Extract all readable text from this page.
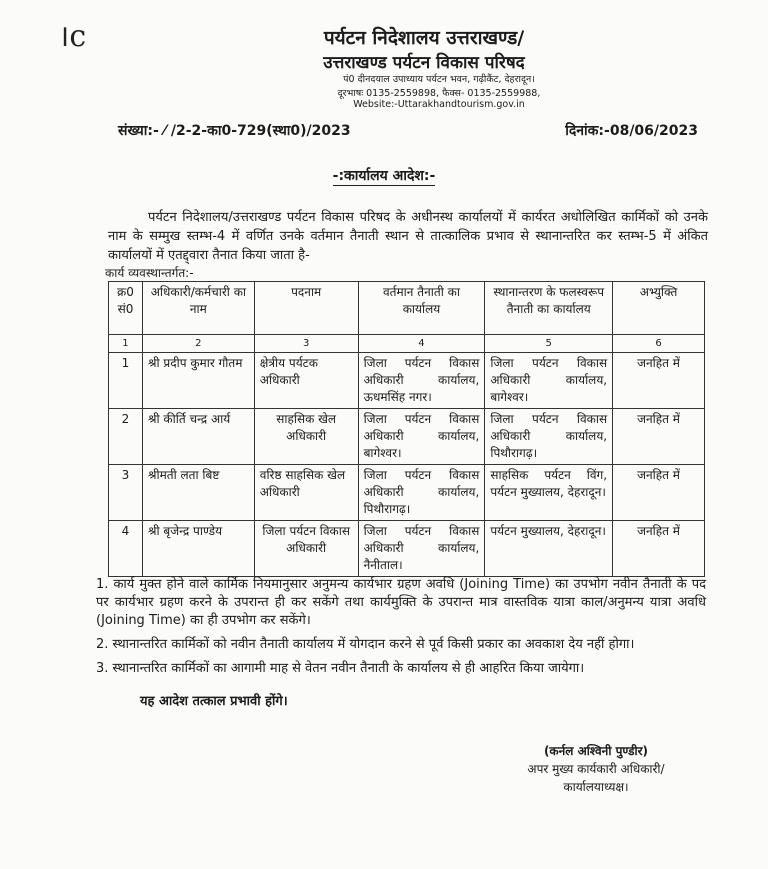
।c	पर्यटन निदेशालय उत्तराखण्ड/
उत्तराखण्ड पर्यटन विकास परिषद
पं0 दीनदयाल उपाध्याय पर्यटन भवन, गढ़ीकैंट, देहरादून।
दूरभाषः 0135-2559898, फैक्स- 0135-2559988,
Website:-Uttarakhandtourism.gov.in
संख्या:- ⁄ /2-2-का0-729(स्था0)/2023	दिनांक:-08/06/2023
-:कार्यालय आदेश:-
पर्यटन निदेशालय/उत्तराखण्ड पर्यटन विकास परिषद के अधीनस्थ कार्यालयों में कार्यरत अधोलिखित कार्मिकों को उनके नाम के सम्मुख स्तम्भ-4 में वर्णित उनके वर्तमान तैनाती स्थान से तात्कालिक प्रभाव से स्थानान्तरित कर स्तम्भ-5 में अंकित कार्यालयों में एतद्द्वारा तैनात किया जाता है-
कार्य व्यवस्थान्तर्गत:-
क्र0 सं0	अधिकारी/कर्मचारी का नाम	पदनाम	वर्तमान तैनाती का कार्यालय	स्थानान्तरण के फलस्वरूप तैनाती का कार्यालय	अभ्युक्ति
1	2	3	4	5	6
1	श्री प्रदीप कुमार गौतम	क्षेत्रीय पर्यटक अधिकारी	जिला पर्यटन विकास अधिकारी कार्यालय, ऊधमसिंह नगर।	जिला पर्यटन विकास अधिकारी कार्यालय, बागेश्वर।	जनहित में
2	श्री कीर्ति चन्द्र आर्य	साहसिक खेल अधिकारी	जिला पर्यटन विकास अधिकारी कार्यालय, बागेश्वर।	जिला पर्यटन विकास अधिकारी कार्यालय, पिथौरागढ़।	जनहित में
3	श्रीमती लता बिष्ट	वरिष्ठ साहसिक खेल अधिकारी	जिला पर्यटन विकास अधिकारी कार्यालय, पिथौरागढ़।	साहसिक पर्यटन विंग, पर्यटन मुख्यालय, देहरादून।	जनहित में
4	श्री बृजेन्द्र पाण्डेय	जिला पर्यटन विकास अधिकारी	जिला पर्यटन विकास अधिकारी कार्यालय, नैनीताल।	पर्यटन मुख्यालय, देहरादून।	जनहित में

1. कार्य मुक्त होने वाले कार्मिक नियमानुसार अनुमन्य कार्यभार ग्रहण अवधि (Joining Time) का उपभोग नवीन तैनाती के पद पर कार्यभार ग्रहण करने के उपरान्त ही कर सकेंगे तथा कार्यमुक्ति के उपरान्त मात्र वास्तविक यात्रा काल/अनुमन्य यात्रा अवधि (Joining Time) का ही उपभोग कर सकेंगे।

2. स्थानान्तरित कार्मिकों को नवीन तैनाती कार्यालय में योगदान करने से पूर्व किसी प्रकार का अवकाश देय नहीं होगा।

3. स्थानान्तरित कार्मिकों का आगामी माह से वेतन नवीन तैनाती के कार्यालय से ही आहरित किया जायेगा।

यह आदेश तत्काल प्रभावी होंगे।
(कर्नल अश्विनी पुण्डीर)
अपर मुख्य कार्यकारी अधिकारी/
कार्यालयाध्यक्ष।
